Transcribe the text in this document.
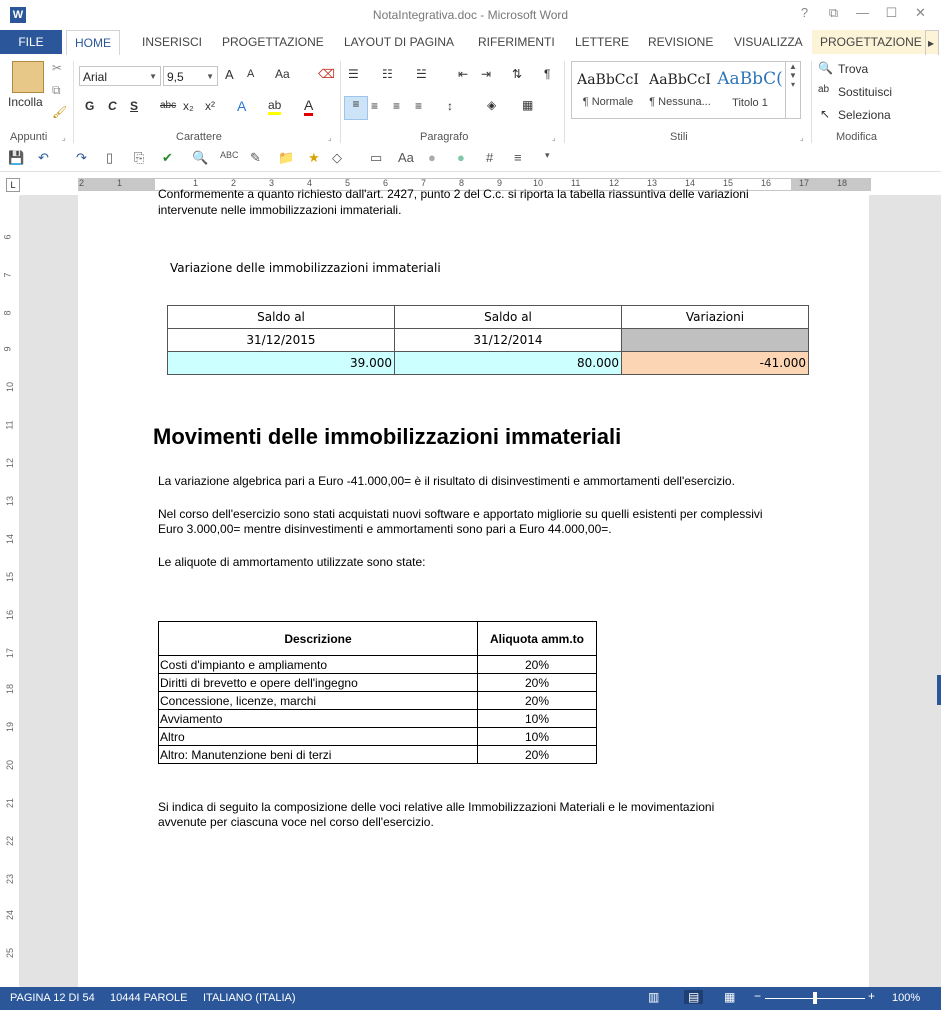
W	NotaIntegrativa.doc - Microsoft Word	?	⧉	—	☐	✕
FILE	HOME	INSERISCI	PROGETTAZIONE	LAYOUT DI PAGINA	RIFERIMENTI	LETTERE	REVISIONE	VISUALIZZA	PROGETTAZIONE ▸
Incolla
✂
⧉
🖌
Appunti ⌟
Arial	▼ 9,5	▼ A A Aa ⌫
G C S abc x₂ x² A ab A
Carattere	⌟
☰ ☷ ☱	⇤ ⇥ ⇅ ¶
≡ ≡ ≡ ≡ ↕	◈ ▦
Paragrafo	⌟
AaBbCcI
¶ Normale
AaBbCcI
¶ Nessuna...
AaBbC(
Titolo 1
▲
▼
▾
Stili	⌟
🔍 Trova
ab Sostituisci
↖ Seleziona
Modifica
💾 ↶ ↷ ▯ ⎘ ✔ 🔍 ABC ✎ 📁 ★ ◇ ▭ Aa ● ● # ≡	▾
L	2	1	1	2	3	4	5	6	7	8	9	10	11	12	13	14	15	16	17	18
6
7
8
9
10
11
12
13
14
15
16
17
18
19
20
21
22
23
24
25
Conformemente a quanto richiesto dall'art. 2427, punto 2 del C.c. si riporta la tabella riassuntiva delle variazioni
intervenute nelle immobilizzazioni immateriali.
Variazione delle immobilizzazioni immateriali
Saldo al	Saldo al	Variazioni
31/12/2015	31/12/2014	
39.000	80.000	-41.000
Movimenti delle immobilizzazioni immateriali
La variazione algebrica pari a Euro -41.000,00= è il risultato di disinvestimenti e ammortamenti dell'esercizio.
Nel corso dell'esercizio sono stati acquistati nuovi software e apportato migliorie su quelli esistenti per complessivi
Euro 3.000,00= mentre disinvestimenti e ammortamenti sono pari a Euro 44.000,00=.
Le aliquote di ammortamento utilizzate sono state:
Descrizione	Aliquota amm.to
Costi d'impianto e ampliamento	20%
Diritti di brevetto e opere dell'ingegno	20%
Concessione, licenze, marchi	20%
Avviamento	10%
Altro	10%
Altro: Manutenzione beni di terzi	20%
Si indica di seguito la composizione delle voci relative alle Immobilizzazioni Materiali e le movimentazioni
avvenute per ciascuna voce nel corso dell'esercizio.
PAGINA 12 DI 54 10444 PAROLE ITALIANO (ITALIA)	▥	▤	▦ −	+ 100%
